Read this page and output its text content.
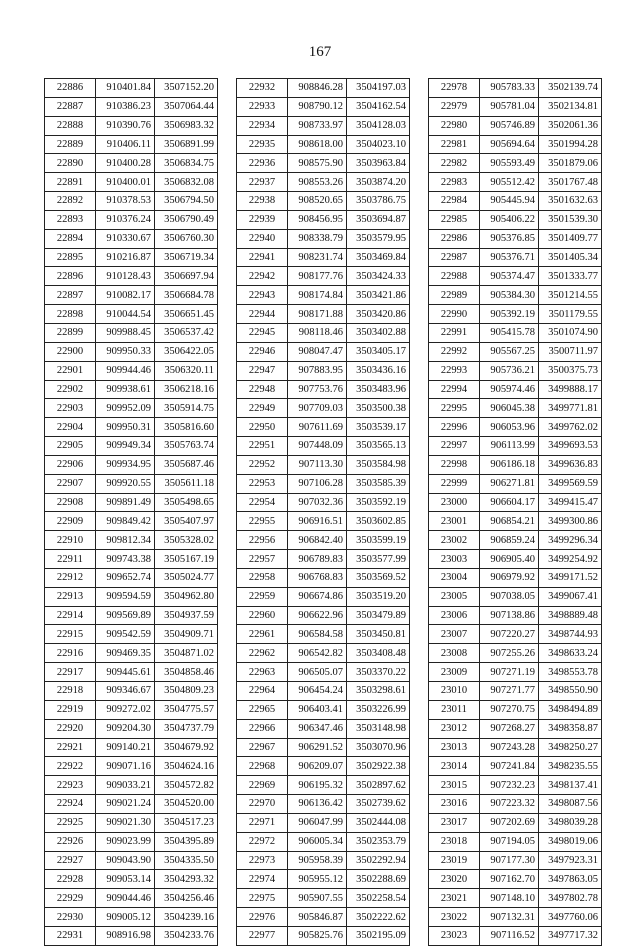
167
22886	910401.84	3507152.20
22887	910386.23	3507064.44
22888	910390.76	3506983.32
22889	910406.11	3506891.99
22890	910400.28	3506834.75
22891	910400.01	3506832.08
22892	910378.53	3506794.50
22893	910376.24	3506790.49
22894	910330.67	3506760.30
22895	910216.87	3506719.34
22896	910128.43	3506697.94
22897	910082.17	3506684.78
22898	910044.54	3506651.45
22899	909988.45	3506537.42
22900	909950.33	3506422.05
22901	909944.46	3506320.11
22902	909938.61	3506218.16
22903	909952.09	3505914.75
22904	909950.31	3505816.60
22905	909949.34	3505763.74
22906	909934.95	3505687.46
22907	909920.55	3505611.18
22908	909891.49	3505498.65
22909	909849.42	3505407.97
22910	909812.34	3505328.02
22911	909743.38	3505167.19
22912	909652.74	3505024.77
22913	909594.59	3504962.80
22914	909569.89	3504937.59
22915	909542.59	3504909.71
22916	909469.35	3504871.02
22917	909445.61	3504858.46
22918	909346.67	3504809.23
22919	909272.02	3504775.57
22920	909204.30	3504737.79
22921	909140.21	3504679.92
22922	909071.16	3504624.16
22923	909033.21	3504572.82
22924	909021.24	3504520.00
22925	909021.30	3504517.23
22926	909023.99	3504395.89
22927	909043.90	3504335.50
22928	909053.14	3504293.32
22929	909044.46	3504256.46
22930	909005.12	3504239.16
22931	908916.98	3504233.76
22932	908846.28	3504197.03
22933	908790.12	3504162.54
22934	908733.97	3504128.03
22935	908618.00	3504023.10
22936	908575.90	3503963.84
22937	908553.26	3503874.20
22938	908520.65	3503786.75
22939	908456.95	3503694.87
22940	908338.79	3503579.95
22941	908231.74	3503469.84
22942	908177.76	3503424.33
22943	908174.84	3503421.86
22944	908171.88	3503420.86
22945	908118.46	3503402.88
22946	908047.47	3503405.17
22947	907883.95	3503436.16
22948	907753.76	3503483.96
22949	907709.03	3503500.38
22950	907611.69	3503539.17
22951	907448.09	3503565.13
22952	907113.30	3503584.98
22953	907106.28	3503585.39
22954	907032.36	3503592.19
22955	906916.51	3503602.85
22956	906842.40	3503599.19
22957	906789.83	3503577.99
22958	906768.83	3503569.52
22959	906674.86	3503519.20
22960	906622.96	3503479.89
22961	906584.58	3503450.81
22962	906542.82	3503408.48
22963	906505.07	3503370.22
22964	906454.24	3503298.61
22965	906403.41	3503226.99
22966	906347.46	3503148.98
22967	906291.52	3503070.96
22968	906209.07	3502922.38
22969	906195.32	3502897.62
22970	906136.42	3502739.62
22971	906047.99	3502444.08
22972	906005.34	3502353.79
22973	905958.39	3502292.94
22974	905955.12	3502288.69
22975	905907.55	3502258.54
22976	905846.87	3502222.62
22977	905825.76	3502195.09
22978	905783.33	3502139.74
22979	905781.04	3502134.81
22980	905746.89	3502061.36
22981	905694.64	3501994.28
22982	905593.49	3501879.06
22983	905512.42	3501767.48
22984	905445.94	3501632.63
22985	905406.22	3501539.30
22986	905376.85	3501409.77
22987	905376.71	3501405.34
22988	905374.47	3501333.77
22989	905384.30	3501214.55
22990	905392.19	3501179.55
22991	905415.78	3501074.90
22992	905567.25	3500711.97
22993	905736.21	3500375.73
22994	905974.46	3499888.17
22995	906045.38	3499771.81
22996	906053.96	3499762.02
22997	906113.99	3499693.53
22998	906186.18	3499636.83
22999	906271.81	3499569.59
23000	906604.17	3499415.47
23001	906854.21	3499300.86
23002	906859.24	3499296.34
23003	906905.40	3499254.92
23004	906979.92	3499171.52
23005	907038.05	3499067.41
23006	907138.86	3498889.48
23007	907220.27	3498744.93
23008	907255.26	3498633.24
23009	907271.19	3498553.78
23010	907271.77	3498550.90
23011	907270.75	3498494.89
23012	907268.27	3498358.87
23013	907243.28	3498250.27
23014	907241.84	3498235.55
23015	907232.23	3498137.41
23016	907223.32	3498087.56
23017	907202.69	3498039.28
23018	907194.05	3498019.06
23019	907177.30	3497923.31
23020	907162.70	3497863.05
23021	907148.10	3497802.78
23022	907132.31	3497760.06
23023	907116.52	3497717.32
